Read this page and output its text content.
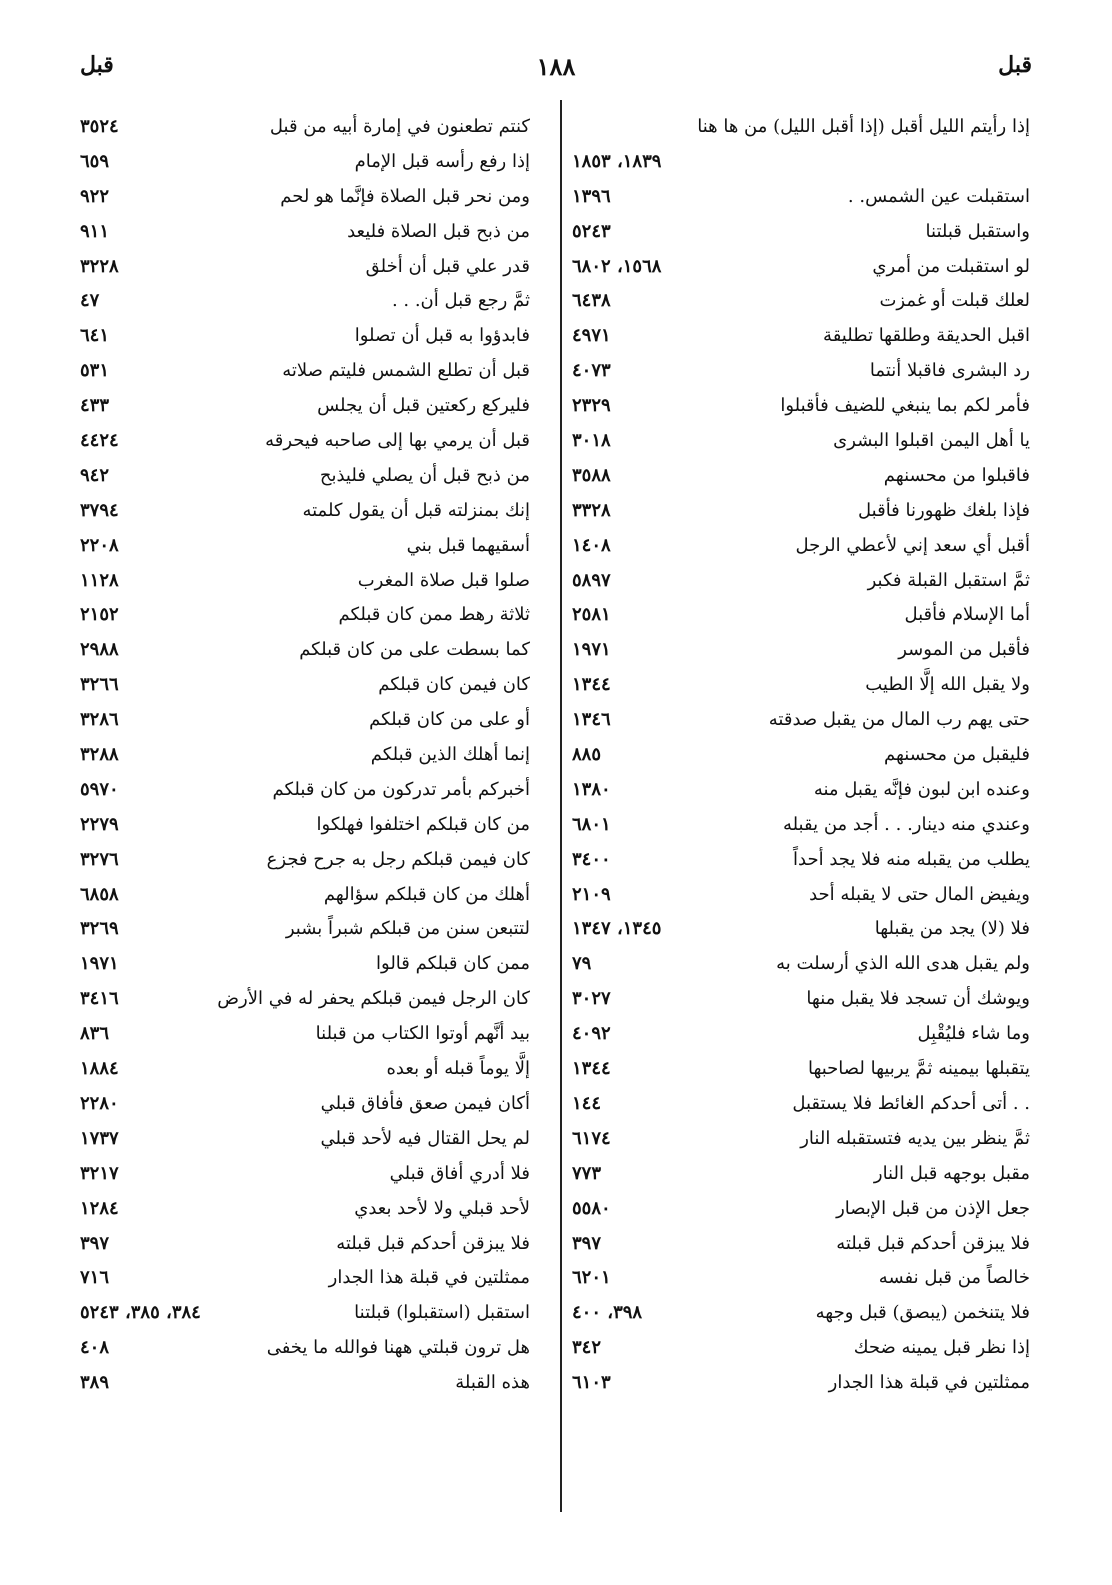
قبل
١٨٨
قبل
إذا رأيتم الليل أقبل (إذا أقبل الليل) من ها هنا
١٨٣٩، ١٨٥٣
استقبلت عين الشمس. .
١٣٩٦
واستقبل قبلتنا
٥٢٤٣
لو استقبلت من أمري
١٥٦٨، ٦٨٠٢
لعلك قبلت أو غمزت
٦٤٣٨
اقبل الحديقة وطلقها تطليقة
٤٩٧١
رد البشرى فاقبلا أنتما
٤٠٧٣
فأمر لكم بما ينبغي للضيف فأقبلوا
٢٣٢٩
يا أهل اليمن اقبلوا البشرى
٣٠١٨
فاقبلوا من محسنهم
٣٥٨٨
فإذا بلغك ظهورنا فأقبل
٣٣٢٨
أقبل أي سعد إني لأعطي الرجل
١٤٠٨
ثمَّ استقبل القبلة فكبر
٥٨٩٧
أما الإسلام فأقبل
٢٥٨١
فأقبل من الموسر
١٩٧١
ولا يقبل الله إلَّا الطيب
١٣٤٤
حتى يهم رب المال من يقبل صدقته
١٣٤٦
فليقبل من محسنهم
٨٨٥
وعنده ابن لبون فإنَّه يقبل منه
١٣٨٠
وعندي منه دينار. . . أجد من يقبله
٦٨٠١
يطلب من يقبله منه فلا يجد أحداً
٣٤٠٠
ويفيض المال حتى لا يقبله أحد
٢١٠٩
فلا (لا) يجد من يقبلها
١٣٤٥، ١٣٤٧
ولم يقبل هدى الله الذي أرسلت به
٧٩
ويوشك أن تسجد فلا يقبل منها
٣٠٢٧
وما شاء فليُقْبِل
٤٠٩٢
يتقبلها بيمينه ثمَّ يربيها لصاحبها
١٣٤٤
. . أتى أحدكم الغائط فلا يستقبل
١٤٤
ثمَّ ينظر بين يديه فتستقبله النار
٦١٧٤
مقبل بوجهه قبل النار
٧٧٣
جعل الإذن من قبل الإبصار
٥٥٨٠
فلا يبزقن أحدكم قبل قبلته
٣٩٧
خالصاً من قبل نفسه
٦٢٠١
فلا يتنخمن (يبصق) قبل وجهه
٣٩٨، ٤٠٠
إذا نظر قبل يمينه ضحك
٣٤٢
ممثلتين في قبلة هذا الجدار
٦١٠٣
كنتم تطعنون في إمارة أبيه من قبل
٣٥٢٤
إذا رفع رأسه قبل الإمام
٦٥٩
ومن نحر قبل الصلاة فإنَّما هو لحم
٩٢٢
من ذبح قبل الصلاة فليعد
٩١١
قدر علي قبل أن أخلق
٣٢٢٨
ثمَّ رجع قبل أن. . .
٤٧
فابدؤوا به قبل أن تصلوا
٦٤١
قبل أن تطلع الشمس فليتم صلاته
٥٣١
فليركع ركعتين قبل أن يجلس
٤٣٣
قبل أن يرمي بها إلى صاحبه فيحرقه
٤٤٢٤
من ذبح قبل أن يصلي فليذبح
٩٤٢
إنك بمنزلته قبل أن يقول كلمته
٣٧٩٤
أسقيهما قبل بني
٢٢٠٨
صلوا قبل صلاة المغرب
١١٢٨
ثلاثة رهط ممن كان قبلكم
٢١٥٢
كما بسطت على من كان قبلكم
٢٩٨٨
كان فيمن كان قبلكم
٣٢٦٦
أو على من كان قبلكم
٣٢٨٦
إنما أهلك الذين قبلكم
٣٢٨٨
أخبركم بأمر تدركون من كان قبلكم
٥٩٧٠
من كان قبلكم اختلفوا فهلكوا
٢٢٧٩
كان فيمن قبلكم رجل به جرح فجزع
٣٢٧٦
أهلك من كان قبلكم سؤالهم
٦٨٥٨
لتتبعن سنن من قبلكم شبراً بشبر
٣٢٦٩
ممن كان قبلكم قالوا
١٩٧١
كان الرجل فيمن قبلكم يحفر له في الأرض
٣٤١٦
بيد أنَّهم أوتوا الكتاب من قبلنا
٨٣٦
إلَّا يوماً قبله أو بعده
١٨٨٤
أكان فيمن صعق فأفاق قبلي
٢٢٨٠
لم يحل القتال فيه لأحد قبلي
١٧٣٧
فلا أدري أفاق قبلي
٣٢١٧
لأحد قبلي ولا لأحد بعدي
١٢٨٤
فلا يبزقن أحدكم قبل قبلته
٣٩٧
ممثلتين في قبلة هذا الجدار
٧١٦
استقبل (استقبلوا) قبلتنا
٣٨٤، ٣٨٥، ٥٢٤٣
هل ترون قبلتي ههنا فوالله ما يخفى
٤٠٨
هذه القبلة
٣٨٩
